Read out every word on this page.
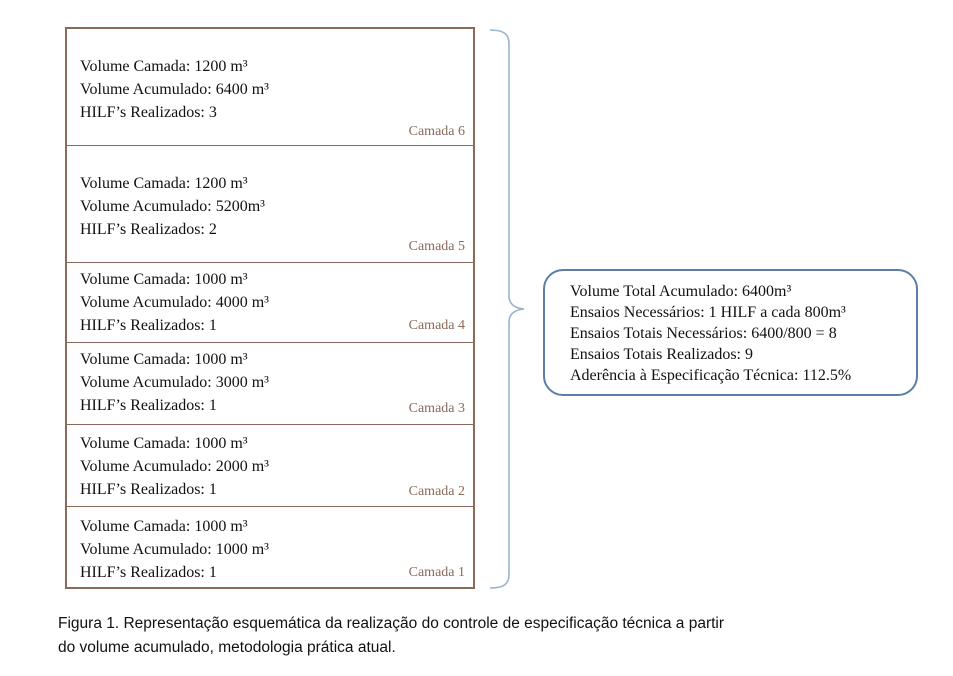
Volume Camada: 1200 m³
Volume Acumulado: 6400 m³
HILF’s Realizados: 3
Camada 6
Volume Camada: 1200 m³
Volume Acumulado: 5200m³
HILF’s Realizados: 2
Camada 5
Volume Camada: 1000 m³
Volume Acumulado: 4000 m³
HILF’s Realizados: 1	Camada 4
Volume Camada: 1000 m³
Volume Acumulado: 3000 m³
HILF’s Realizados: 1	Camada 3
Volume Camada: 1000 m³
Volume Acumulado: 2000 m³
HILF’s Realizados: 1	Camada 2
Volume Camada: 1000 m³
Volume Acumulado: 1000 m³
HILF’s Realizados: 1	Camada 1
Volume Total Acumulado: 6400m³
Ensaios Necessários: 1 HILF a cada 800m³
Ensaios Totais Necessários: 6400/800 = 8
Ensaios Totais Realizados: 9
Aderência à Especificação Técnica: 112.5%
Figura 1. Representação esquemática da realização do controle de especificação técnica a partir
do volume acumulado, metodologia prática atual.
